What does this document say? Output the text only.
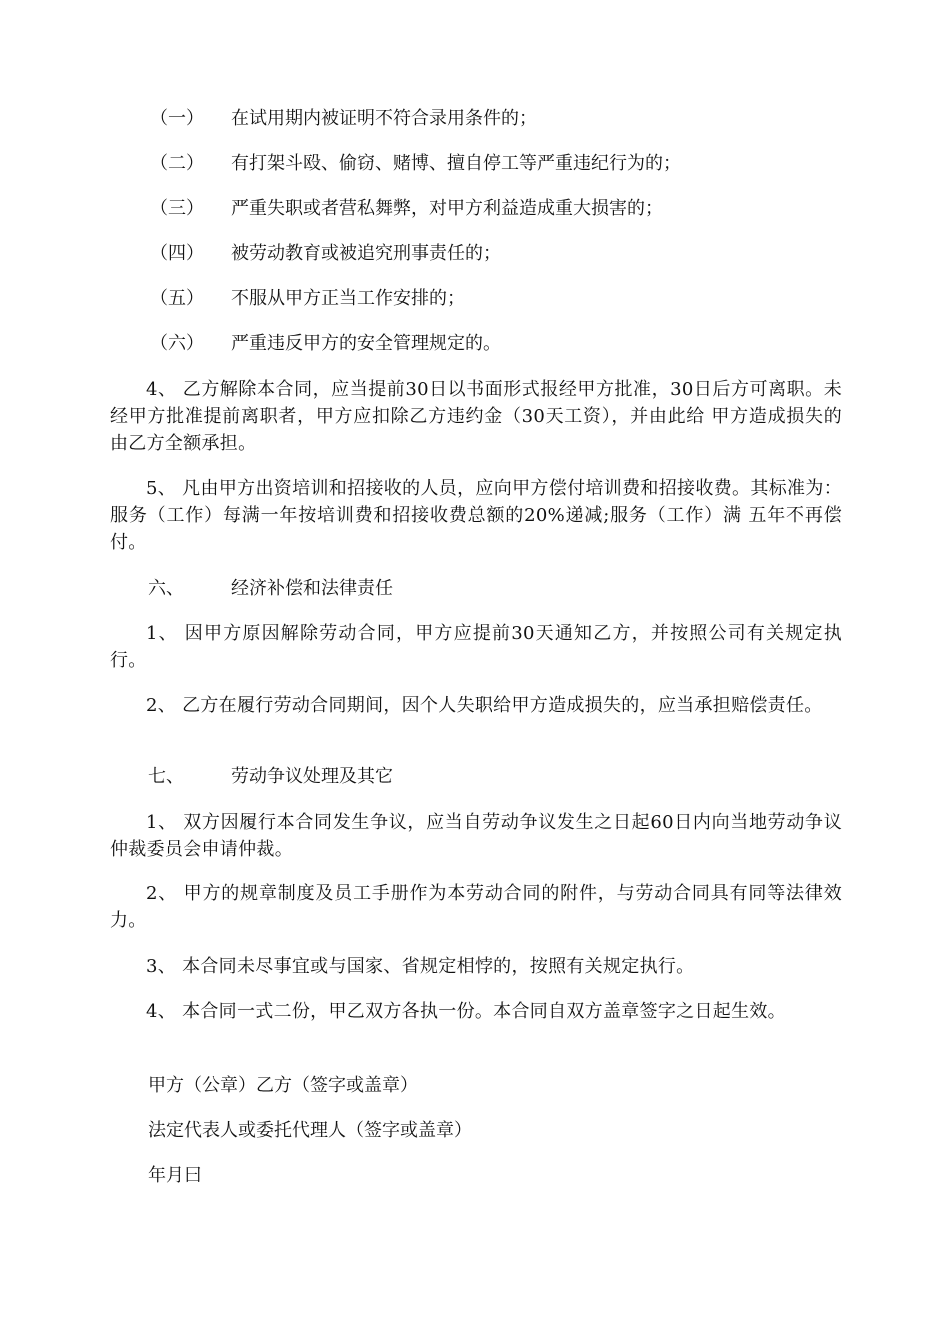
（一） 在试用期内被证明不符合录用条件的；
（二） 有打架斗殴、偷窃、赌博、擅自停工等严重违纪行为的；
（三） 严重失职或者营私舞弊，对甲方利益造成重大损害的；
（四） 被劳动教育或被追究刑事责任的；
（五） 不服从甲方正当工作安排的；
（六） 严重违反甲方的安全管理规定的。
4、 乙方解除本合同，应当提前30日以书面形式报经甲方批准，30日后方可离职。未经甲方批准提前离职者，甲方应扣除乙方违约金（30天工资），并由此给 甲方造成损失的由乙方全额承担。
5、 凡由甲方出资培训和招接收的人员，应向甲方偿付培训费和招接收费。其标准为：服务（工作）每满一年按培训费和招接收费总额的20%递减;服务（工作）满 五年不再偿付。
六、	经济补偿和法律责任
1、 因甲方原因解除劳动合同，甲方应提前30天通知乙方，并按照公司有关规定执行。
2、 乙方在履行劳动合同期间，因个人失职给甲方造成损失的，应当承担赔偿责任。
七、	劳动争议处理及其它
1、 双方因履行本合同发生争议，应当自劳动争议发生之日起60日内向当地劳动争议仲裁委员会申请仲裁。
2、 甲方的规章制度及员工手册作为本劳动合同的附件，与劳动合同具有同等法律效力。
3、 本合同未尽事宜或与国家、省规定相悖的，按照有关规定执行。
4、 本合同一式二份，甲乙双方各执一份。本合同自双方盖章签字之日起生效。
甲方（公章）乙方（签字或盖章）
法定代表人或委托代理人（签字或盖章）
年月曰
